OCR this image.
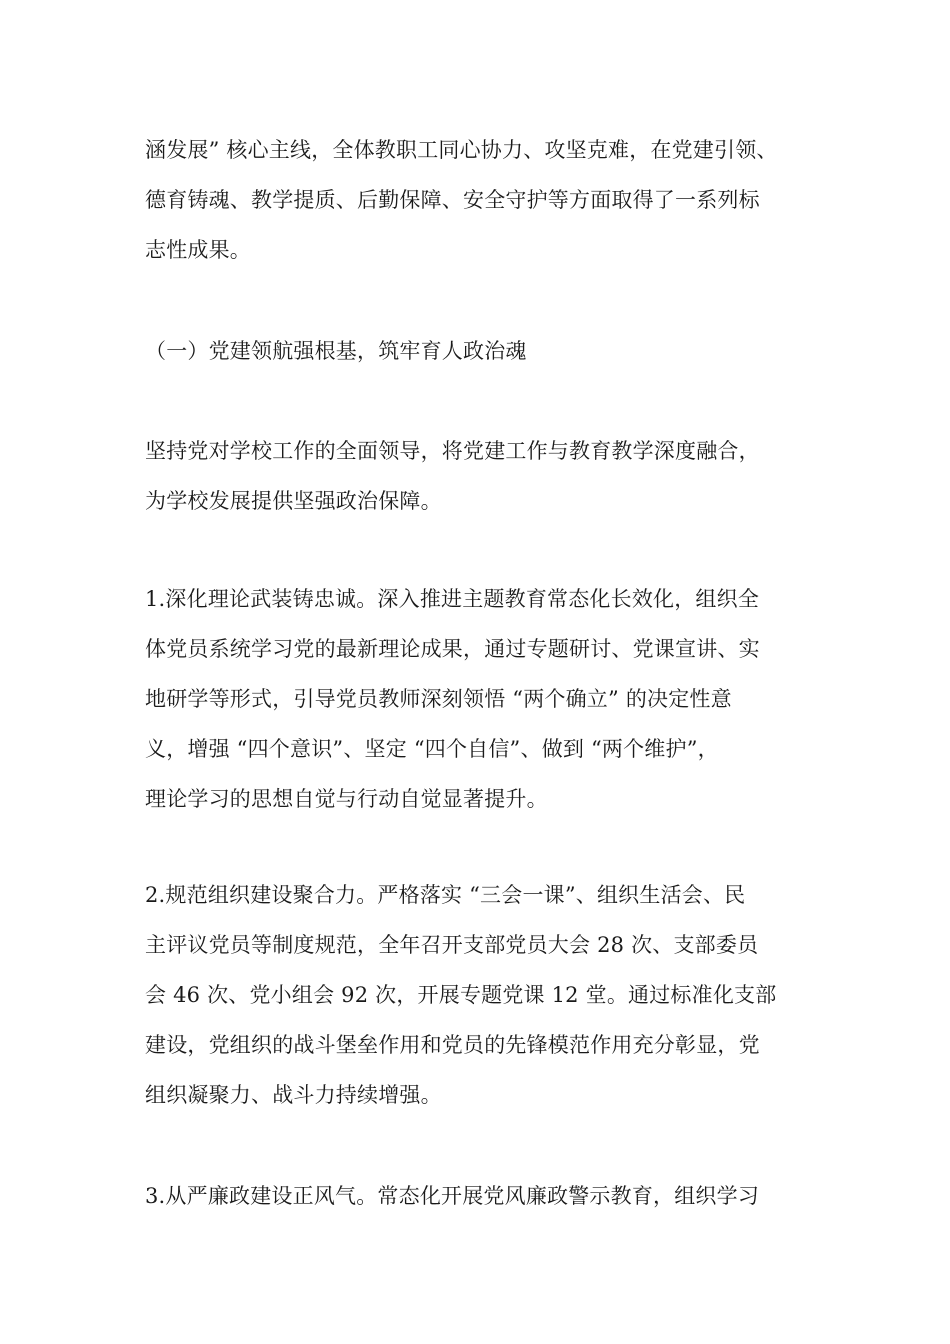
涵发展” 核心主线，全体教职工同心协力、攻坚克难，在党建引领、
德育铸魂、教学提质、后勤保障、安全守护等方面取得了一系列标
志性成果。
（一）党建领航强根基，筑牢育人政治魂
坚持党对学校工作的全面领导，将党建工作与教育教学深度融合，
为学校发展提供坚强政治保障。
1.深化理论武装铸忠诚。深入推进主题教育常态化长效化，组织全
体党员系统学习党的最新理论成果，通过专题研讨、党课宣讲、实
地研学等形式，引导党员教师深刻领悟 “两个确立” 的决定性意
义，增强 “四个意识”、坚定 “四个自信”、做到 “两个维护”，
理论学习的思想自觉与行动自觉显著提升。
2.规范组织建设聚合力。严格落实 “三会一课”、组织生活会、民
主评议党员等制度规范，全年召开支部党员大会 28 次、支部委员
会 46 次、党小组会 92 次，开展专题党课 12 堂。通过标准化支部
建设，党组织的战斗堡垒作用和党员的先锋模范作用充分彰显，党
组织凝聚力、战斗力持续增强。
3.从严廉政建设正风气。常态化开展党风廉政警示教育，组织学习
